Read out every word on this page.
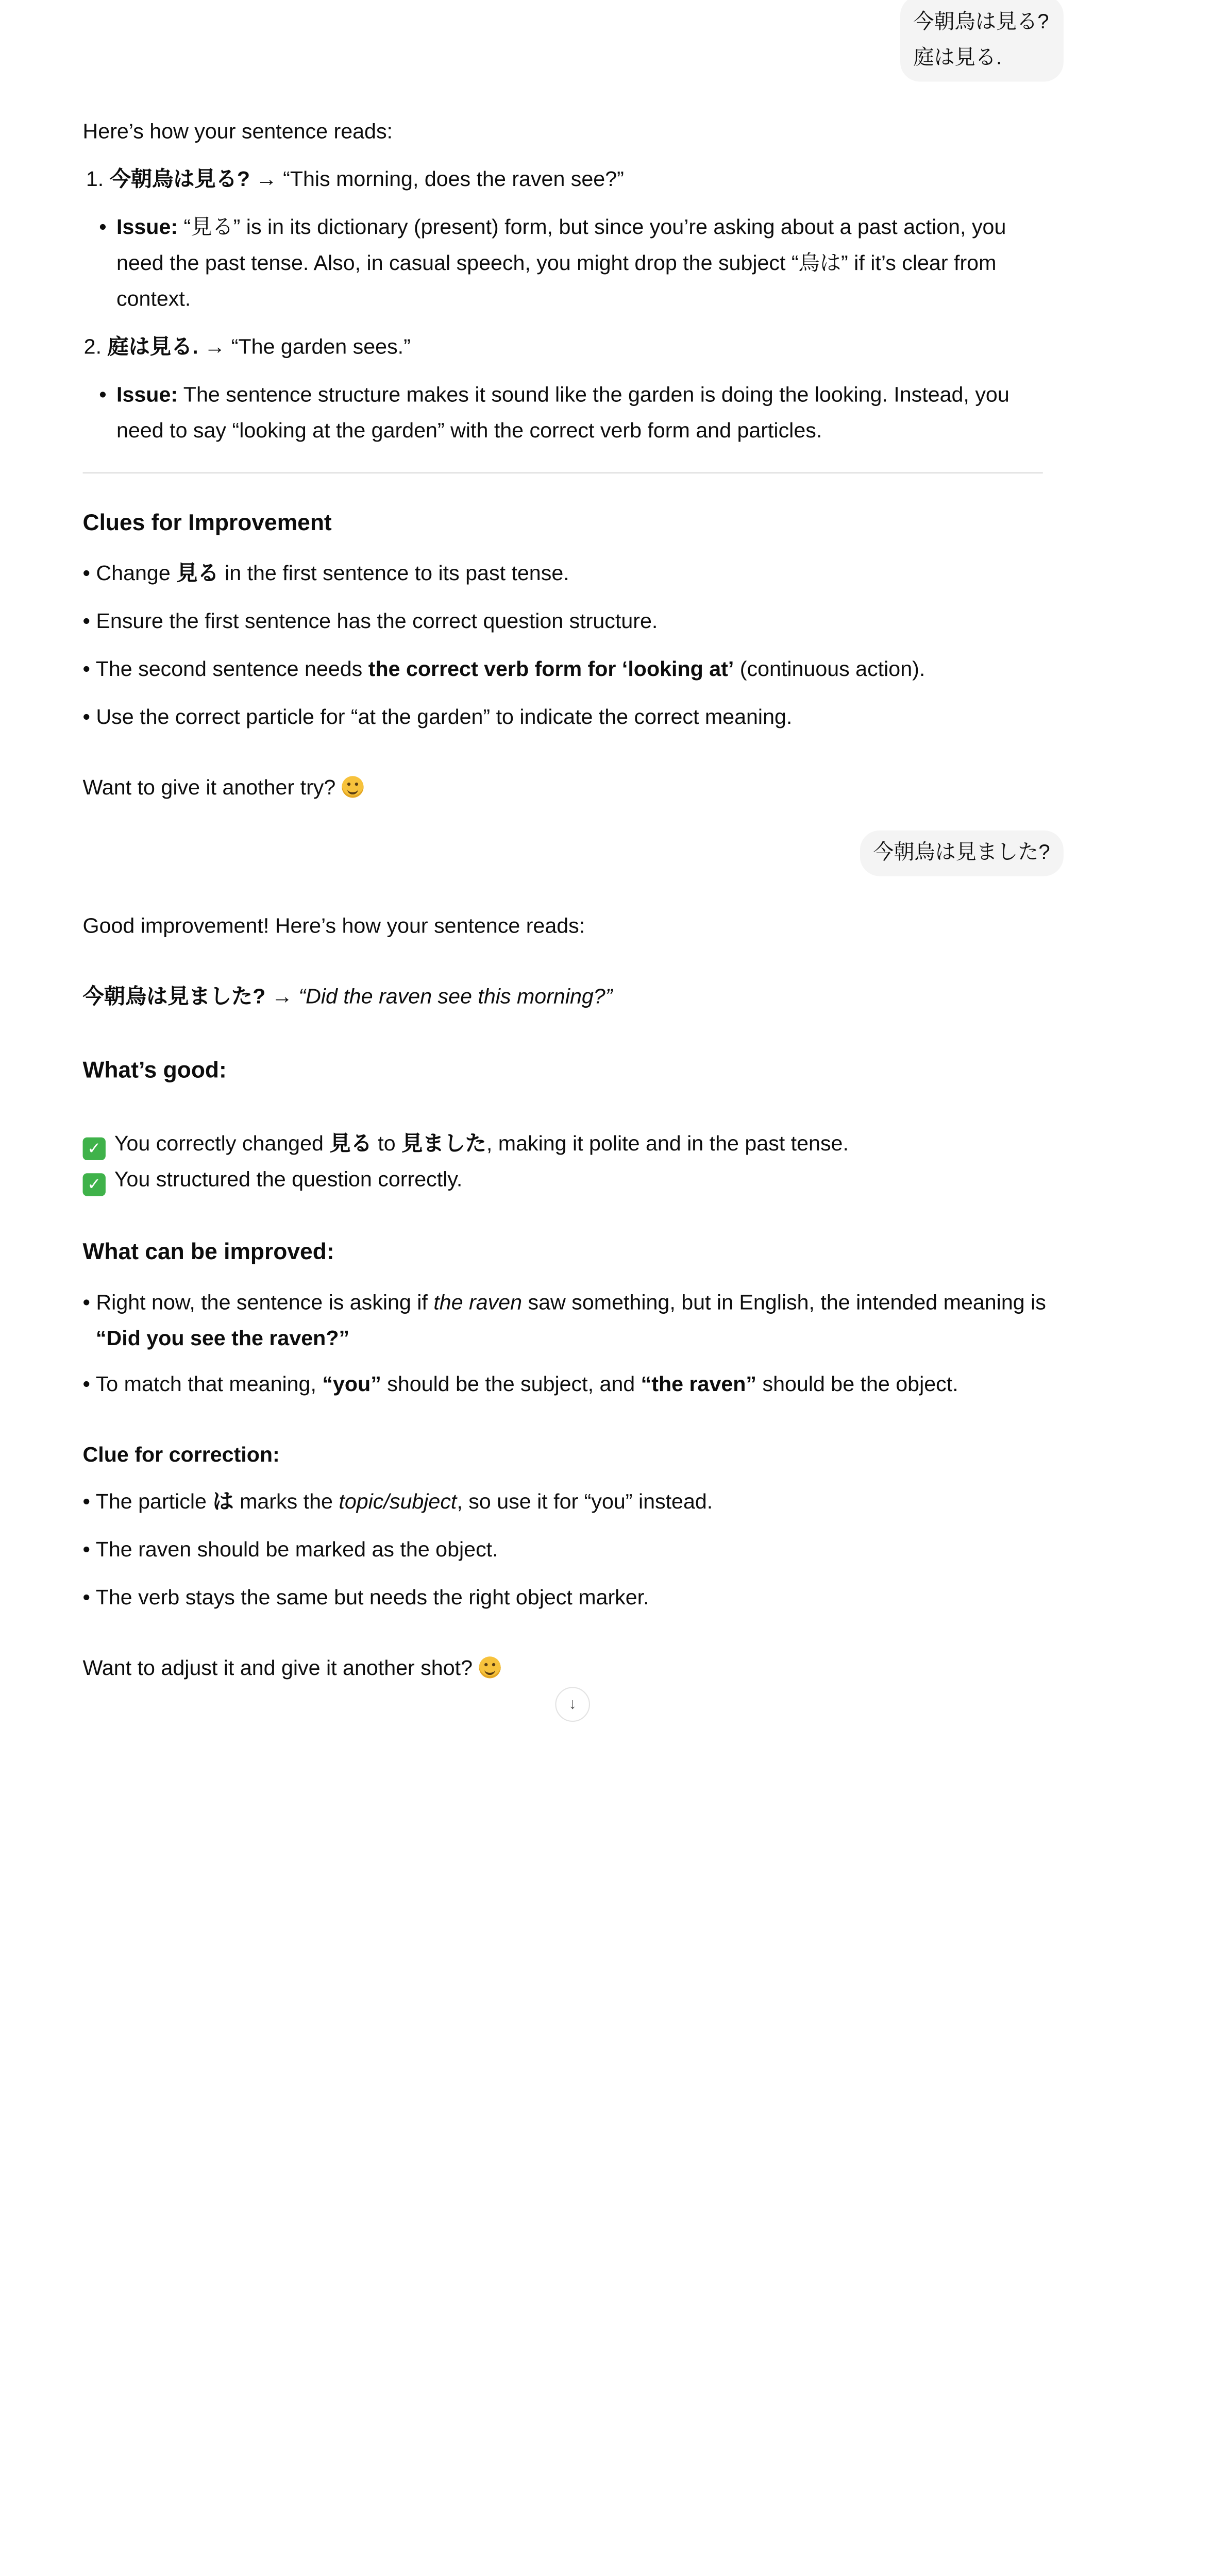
今朝烏は見る?
庭は見る.
Here’s how your sentence reads:
1. 今朝烏は見る? → “This morning, does the raven see?”
• Issue: “見る” is in its dictionary (present) form, but since you’re asking about a past action, you
need the past tense. Also, in casual speech, you might drop the subject “烏は” if it’s clear from
context.
2. 庭は見る. → “The garden sees.”
• Issue: The sentence structure makes it sound like the garden is doing the looking. Instead, you
need to say “looking at the garden” with the correct verb form and particles.
Clues for Improvement
• Change 見る in the first sentence to its past tense.
• Ensure the first sentence has the correct question structure.
• The second sentence needs the correct verb form for ‘looking at’ (continuous action).
• Use the correct particle for “at the garden” to indicate the correct meaning.
Want to give it another try?
今朝烏は見ました?
Good improvement! Here’s how your sentence reads:
今朝烏は見ました? → “Did the raven see this morning?”
What’s good:
✓ You correctly changed 見る to 見ました, making it polite and in the past tense.
✓ You structured the question correctly.
What can be improved:
• Right now, the sentence is asking if the raven saw something, but in English, the intended meaning is
“Did you see the raven?”
• To match that meaning, “you” should be the subject, and “the raven” should be the object.
Clue for correction:
• The particle は marks the topic/subject, so use it for “you” instead.
• The raven should be marked as the object.
• The verb stays the same but needs the right object marker.
Want to adjust it and give it another shot?
↓
